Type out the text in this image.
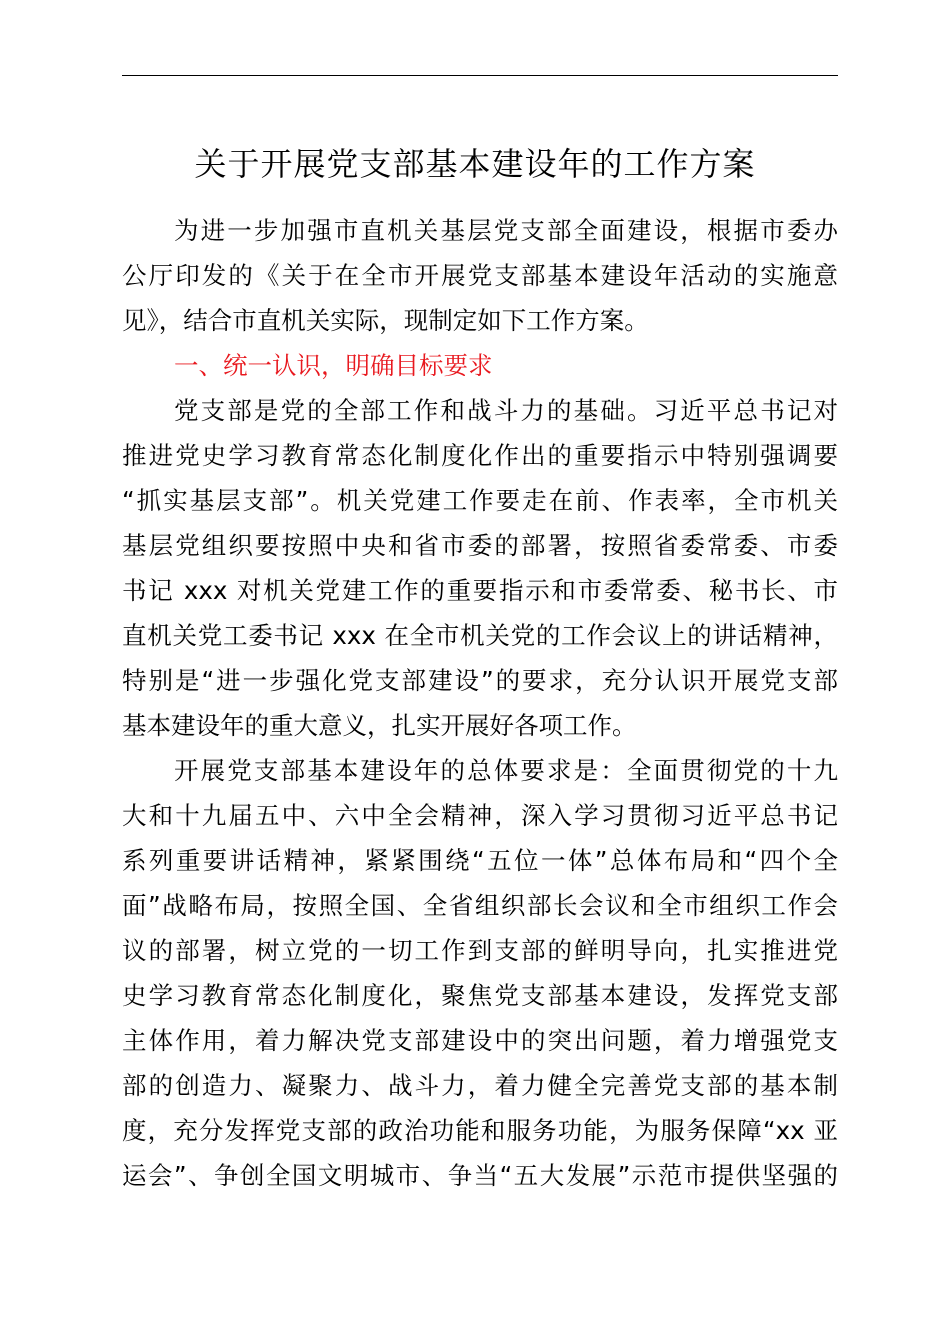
关于开展党支部基本建设年的工作方案
为进一步加强市直机关基层党支部全面建设，根据市委办
公厅印发的《关于在全市开展党支部基本建设年活动的实施意
见》，结合市直机关实际，现制定如下工作方案。
一、统一认识，明确目标要求
党支部是党的全部工作和战斗力的基础。习近平总书记对
推进党史学习教育常态化制度化作出的重要指示中特别强调要
“抓实基层支部”。机关党建工作要走在前、作表率，全市机关
基层党组织要按照中央和省市委的部署，按照省委常委、市委
书记 xxx 对机关党建工作的重要指示和市委常委、秘书长、市
直机关党工委书记 xxx 在全市机关党的工作会议上的讲话精神，
特别是“进一步强化党支部建设”的要求，充分认识开展党支部
基本建设年的重大意义，扎实开展好各项工作。
开展党支部基本建设年的总体要求是：全面贯彻党的十九
大和十九届五中、六中全会精神，深入学习贯彻习近平总书记
系列重要讲话精神，紧紧围绕“五位一体”总体布局和“四个全
面”战略布局，按照全国、全省组织部长会议和全市组织工作会
议的部署，树立党的一切工作到支部的鲜明导向，扎实推进党
史学习教育常态化制度化，聚焦党支部基本建设，发挥党支部
主体作用，着力解决党支部建设中的突出问题，着力增强党支
部的创造力、凝聚力、战斗力，着力健全完善党支部的基本制
度，充分发挥党支部的政治功能和服务功能，为服务保障“xx 亚
运会”、争创全国文明城市、争当“五大发展”示范市提供坚强的
